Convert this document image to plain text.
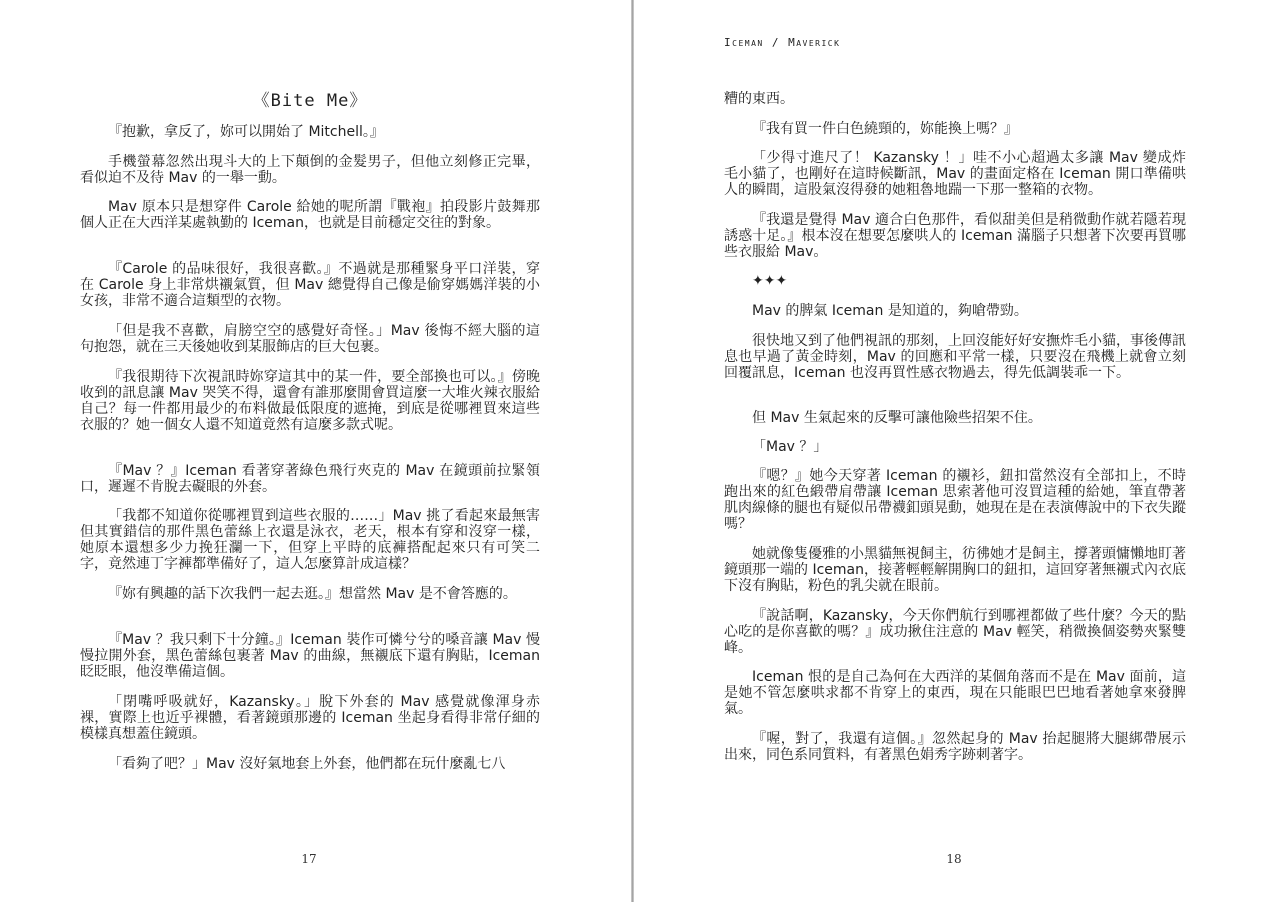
《Bite Me》

『抱歉，拿反了，妳可以開始了 Mitchell。』

手機螢幕忽然出現斗大的上下顛倒的金髮男子，但他立刻修正完畢，看似迫不及待 Mav 的一舉一動。

Mav 原本只是想穿件 Carole 給她的呢所謂『戰袍』拍段影片鼓舞那個人正在大西洋某處執勤的 Iceman，也就是目前穩定交往的對象。

『Carole 的品味很好，我很喜歡。』不過就是那種緊身平口洋裝，穿在 Carole 身上非常烘襯氣質，但 Mav 總覺得自己像是偷穿媽媽洋裝的小女孩，非常不適合這類型的衣物。

「但是我不喜歡，肩膀空空的感覺好奇怪。」Mav 後悔不經大腦的這句抱怨，就在三天後她收到某服飾店的巨大包裹。

『我很期待下次視訊時妳穿這其中的某一件，要全部換也可以。』傍晚收到的訊息讓 Mav 哭笑不得，還會有誰那麼閒會買這麼一大堆火辣衣服給自己？每一件都用最少的布料做最低限度的遮掩，到底是從哪裡買來這些衣服的？她一個女人還不知道竟然有這麼多款式呢。

『Mav ？』Iceman 看著穿著綠色飛行夾克的 Mav 在鏡頭前拉緊領口，遲遲不肯脫去礙眼的外套。

「我都不知道你從哪裡買到這些衣服的……」Mav 挑了看起來最無害但其實錯信的那件黑色蕾絲上衣還是泳衣，老天，根本有穿和沒穿一樣，她原本還想多少力挽狂瀾一下，但穿上平時的底褲搭配起來只有可笑二字，竟然連丁字褲都準備好了，這人怎麼算計成這樣？

『妳有興趣的話下次我們一起去逛。』想當然 Mav 是不會答應的。

『Mav ？我只剩下十分鐘。』Iceman 裝作可憐兮兮的嗓音讓 Mav 慢慢拉開外套，黑色蕾絲包裹著 Mav 的曲線，無襯底下還有胸貼，Iceman 眨眨眼，他沒準備這個。

「閉嘴呼吸就好，Kazansky。」脫下外套的 Mav 感覺就像渾身赤裸，實際上也近乎裸體，看著鏡頭那邊的 Iceman 坐起身看得非常仔細的模樣真想蓋住鏡頭。

「看夠了吧？」Mav 沒好氣地套上外套，他們都在玩什麼亂七八

17
Iceman / Maverick

糟的東西。

『我有買一件白色繞頸的，妳能換上嗎？』

「少得寸進尺了！ Kazansky ！」哇不小心超過太多讓 Mav 變成炸毛小貓了，也剛好在這時候斷訊，Mav 的畫面定格在 Iceman 開口準備哄人的瞬間，這股氣沒得發的她粗魯地踹一下那一整箱的衣物。

『我還是覺得 Mav 適合白色那件，看似甜美但是稍微動作就若隱若現誘惑十足。』根本沒在想要怎麼哄人的 Iceman 滿腦子只想著下次要再買哪些衣服給 Mav。

✦✦✦

Mav 的脾氣 Iceman 是知道的，夠嗆帶勁。

很快地又到了他們視訊的那刻，上回沒能好好安撫炸毛小貓，事後傳訊息也早過了黃金時刻，Mav 的回應和平常一樣，只要沒在飛機上就會立刻回覆訊息，Iceman 也沒再買性感衣物過去，得先低調裝乖一下。

但 Mav 生氣起來的反擊可讓他險些招架不住。

「Mav ？」

『嗯？』她今天穿著 Iceman 的襯衫，鈕扣當然沒有全部扣上，不時跑出來的紅色緞帶肩帶讓 Iceman 思索著他可沒買這種的給她，筆直帶著肌肉線條的腿也有疑似吊帶襪釦頭晃動，她現在是在表演傳說中的下衣失蹤嗎？

她就像隻優雅的小黑貓無視飼主，彷彿她才是飼主，撐著頭慵懶地盯著鏡頭那一端的 Iceman，接著輕輕解開胸口的鈕扣，這回穿著無襯式內衣底下沒有胸貼，粉色的乳尖就在眼前。

『說話啊，Kazansky，今天你們航行到哪裡都做了些什麼？今天的點心吃的是你喜歡的嗎？』成功揪住注意的 Mav 輕笑，稍微換個姿勢夾緊雙峰。

Iceman 恨的是自己為何在大西洋的某個角落而不是在 Mav 面前，這是她不管怎麼哄求都不肯穿上的東西，現在只能眼巴巴地看著她拿來發脾氣。

『喔，對了，我還有這個。』忽然起身的 Mav 抬起腿將大腿綁帶展示出來，同色系同質料，有著黑色娟秀字跡刺著字。

18
